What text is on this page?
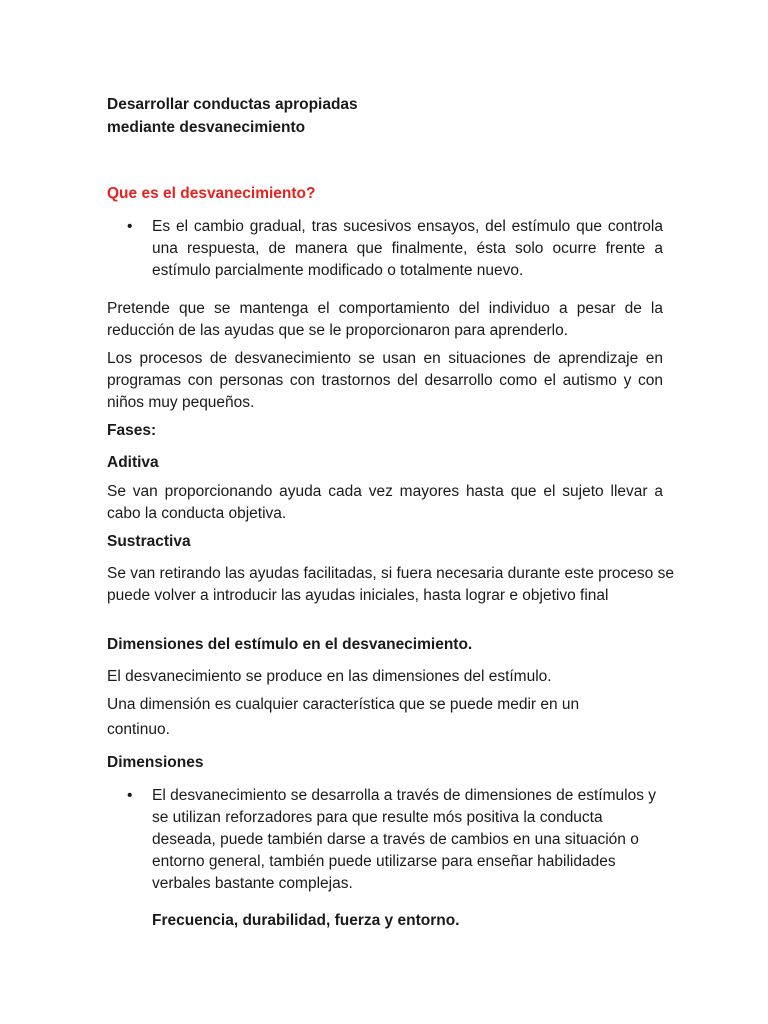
Desarrollar conductas apropiadas

mediante desvanecimiento

Que es el desvanecimiento?

•	Es el cambio gradual, tras sucesivos ensayos, del estímulo que controla una respuesta, de manera que finalmente, ésta solo ocurre frente a estímulo parcialmente modificado o totalmente nuevo.

Pretende que se mantenga el comportamiento del individuo a pesar de la reducción de las ayudas que se le proporcionaron para aprenderlo.

Los procesos de desvanecimiento se usan en situaciones de aprendizaje en programas con personas con trastornos del desarrollo como el autismo y con niños muy pequeños.

Fases:

Aditiva

Se van proporcionando ayuda cada vez mayores hasta que el sujeto llevar a cabo la conducta objetiva.

Sustractiva

Se van retirando las ayudas facilitadas, si fuera necesaria durante este proceso se puede volver a introducir las ayudas iniciales, hasta lograr e objetivo final

Dimensiones del estímulo en el desvanecimiento.

El desvanecimiento se produce en las dimensiones del estímulo.

Una dimensión es cualquier característica que se puede medir en un continuo.

Dimensiones

•	El desvanecimiento se desarrolla a través de dimensiones de estímulos y se utilizan reforzadores para que resulte mós positiva la conducta deseada, puede también darse a través de cambios en una situación o entorno general, también puede utilizarse para enseñar habilidades verbales bastante complejas.

Frecuencia, durabilidad, fuerza y entorno.
